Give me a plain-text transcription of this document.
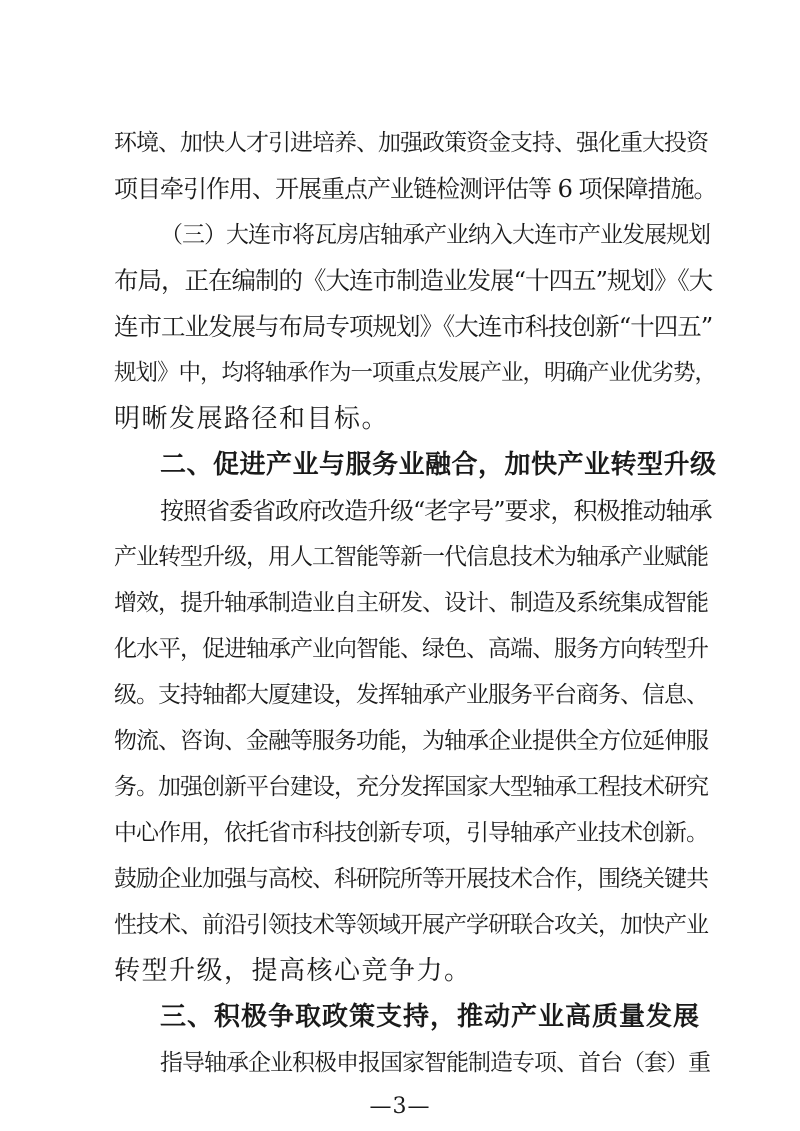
环境、加快人才引进培养、加强政策资金支持、强化重大投资
项目牵引作用、开展重点产业链检测评估等 6 项保障措施。
（三）大连市将瓦房店轴承产业纳入大连市产业发展规划
布局，正在编制的《大连市制造业发展“十四五”规划》《大
连市工业发展与布局专项规划》《大连市科技创新“十四五”
规划》中，均将轴承作为一项重点发展产业，明确产业优劣势，
明晰发展路径和目标。
二、促进产业与服务业融合，加快产业转型升级
按照省委省政府改造升级“老字号”要求，积极推动轴承
产业转型升级，用人工智能等新一代信息技术为轴承产业赋能
增效，提升轴承制造业自主研发、设计、制造及系统集成智能
化水平，促进轴承产业向智能、绿色、高端、服务方向转型升
级。支持轴都大厦建设，发挥轴承产业服务平台商务、信息、
物流、咨询、金融等服务功能，为轴承企业提供全方位延伸服
务。加强创新平台建设，充分发挥国家大型轴承工程技术研究
中心作用，依托省市科技创新专项，引导轴承产业技术创新。
鼓励企业加强与高校、科研院所等开展技术合作，围绕关键共
性技术、前沿引领技术等领域开展产学研联合攻关，加快产业
转型升级，提高核心竞争力。
三、积极争取政策支持，推动产业高质量发展
指导轴承企业积极申报国家智能制造专项、首台（套）重
—3—
